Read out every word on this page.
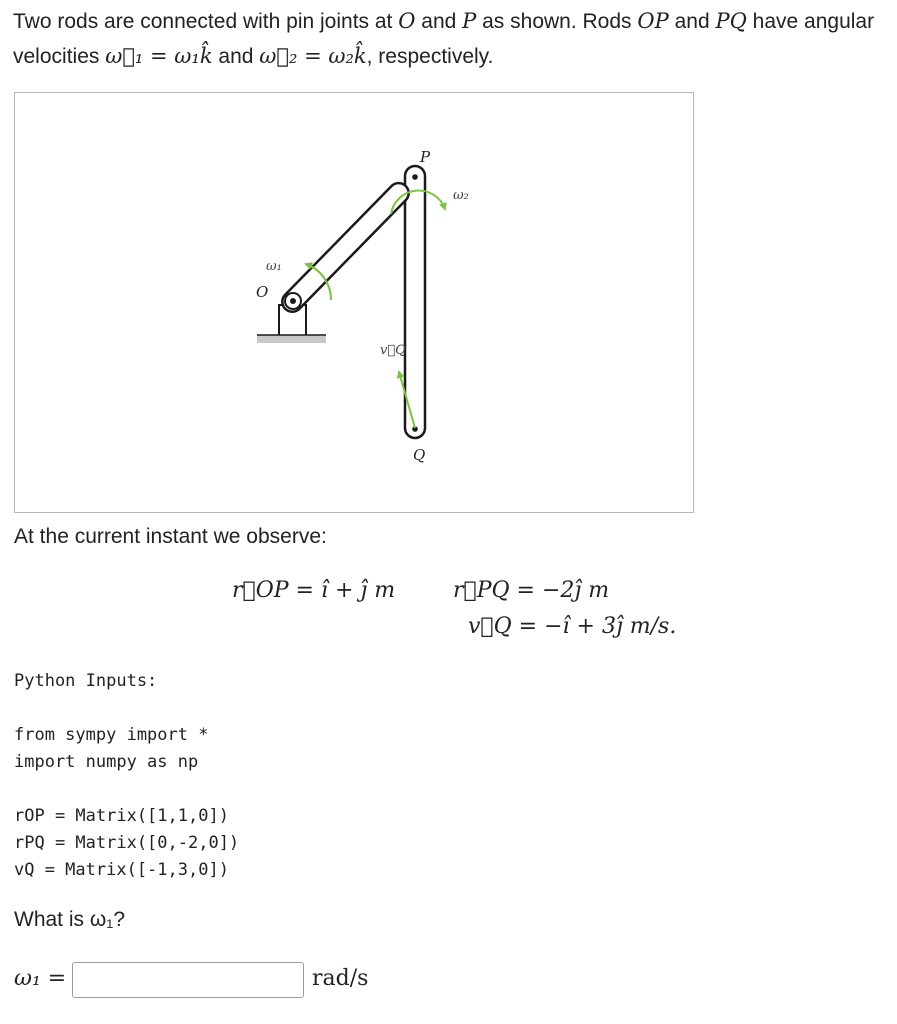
Two rods are connected with pin joints at O and P as shown. Rods OP and PQ have angular velocities ω⃗₁ = ω₁k̂ and ω⃗₂ = ω₂k̂, respectively.

P
O
Q
ω₁
ω₂
v⃗Q

At the current instant we observe:

r⃗OP = î + ĵ m	r⃗PQ = −2ĵ m
v⃗Q = −î + 3ĵ m/s.
Python Inputs:
from sympy import *
import numpy as np
rOP = Matrix([1,1,0])
rPQ = Matrix([0,-2,0])
vQ = Matrix([-1,3,0])

What is ω₁?

ω₁ =	rad/s
